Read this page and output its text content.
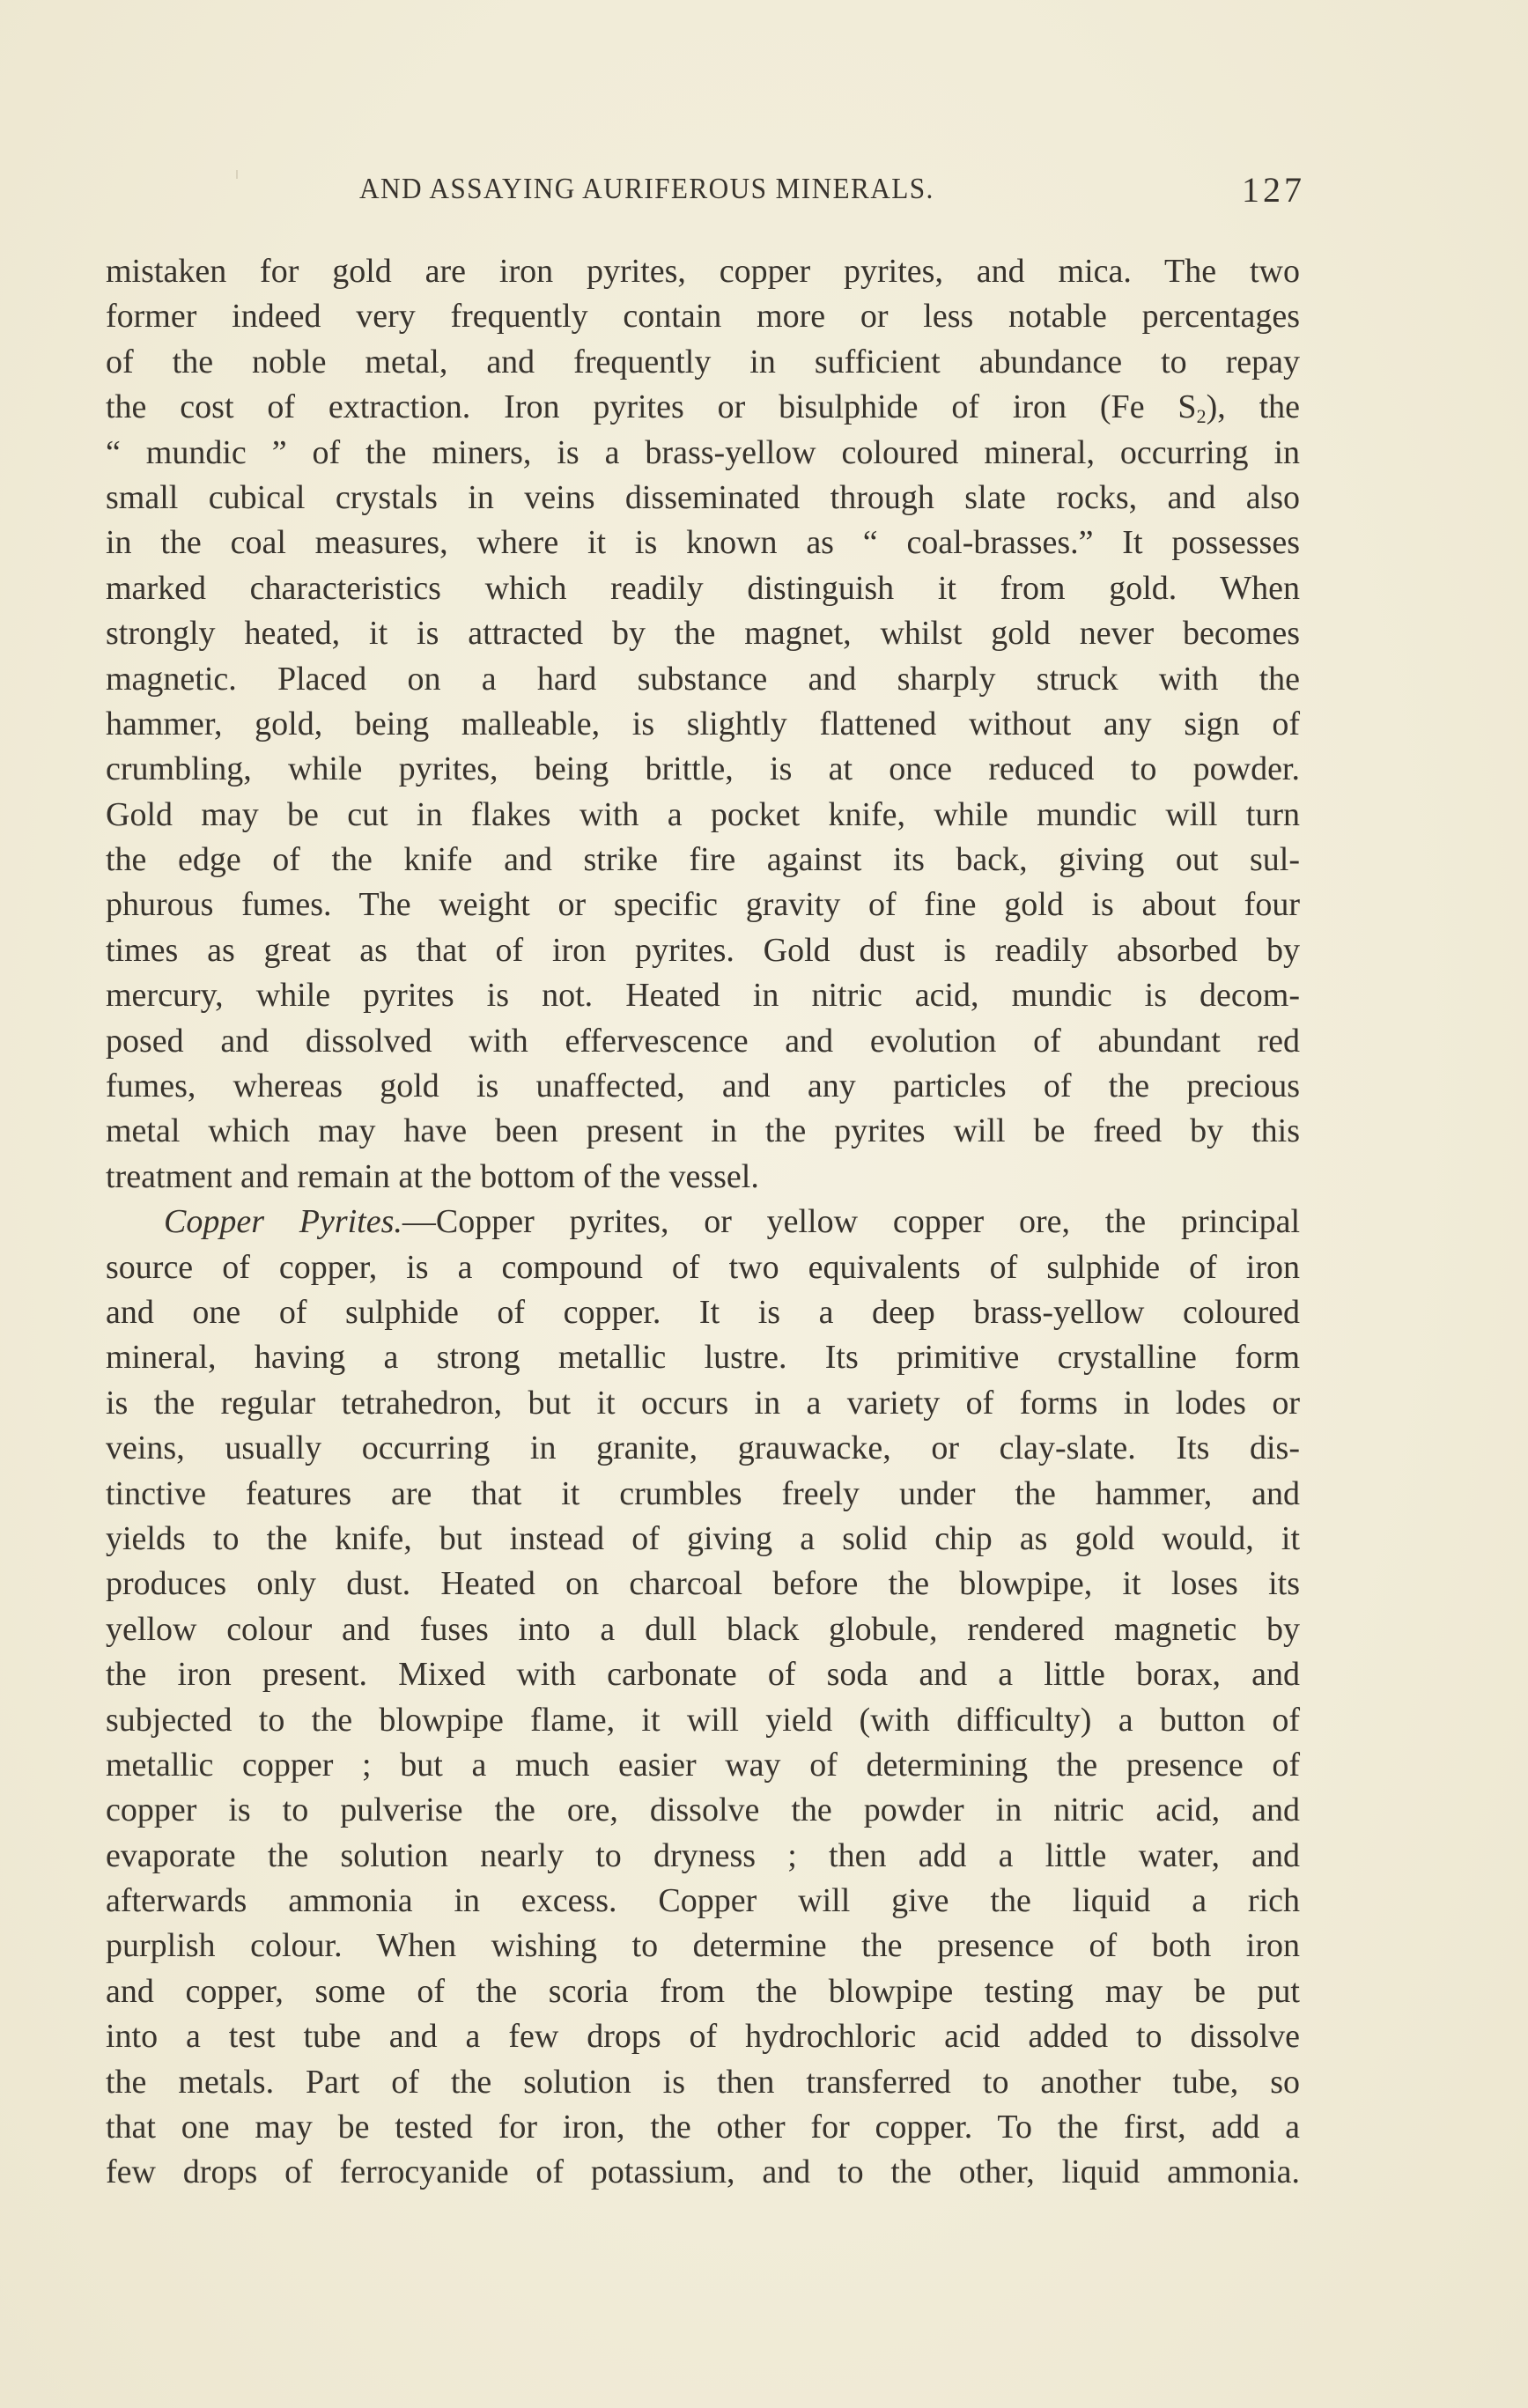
AND ASSAYING AURIFEROUS MINERALS.	127
mistaken for gold are iron pyrites, copper pyrites, and mica. The two
former indeed very frequently contain more or less notable percentages
of the noble metal, and frequently in sufficient abundance to repay
the cost of extraction. Iron pyrites or bisulphide of iron (Fe $S_2$), the
“ mundic ” of the miners, is a brass-yellow coloured mineral, occurring in
small cubical crystals in veins disseminated through slate rocks, and also
in the coal measures, where it is known as “ coal-brasses.” It possesses
marked characteristics which readily distinguish it from gold. When
strongly heated, it is attracted by the magnet, whilst gold never becomes
magnetic. Placed on a hard substance and sharply struck with the
hammer, gold, being malleable, is slightly flattened without any sign of
crumbling, while pyrites, being brittle, is at once reduced to powder.
Gold may be cut in flakes with a pocket knife, while mundic will turn
the edge of the knife and strike fire against its back, giving out sul-
phurous fumes. The weight or specific gravity of fine gold is about four
times as great as that of iron pyrites. Gold dust is readily absorbed by
mercury, while pyrites is not. Heated in nitric acid, mundic is decom-
posed and dissolved with effervescence and evolution of abundant red
fumes, whereas gold is unaffected, and any particles of the precious
metal which may have been present in the pyrites will be freed by this
treatment and remain at the bottom of the vessel.
Copper Pyrites.—Copper pyrites, or yellow copper ore, the principal
source of copper, is a compound of two equivalents of sulphide of iron
and one of sulphide of copper. It is a deep brass-yellow coloured
mineral, having a strong metallic lustre. Its primitive crystalline form
is the regular tetrahedron, but it occurs in a variety of forms in lodes or
veins, usually occurring in granite, grauwacke, or clay-slate. Its dis-
tinctive features are that it crumbles freely under the hammer, and
yields to the knife, but instead of giving a solid chip as gold would, it
produces only dust. Heated on charcoal before the blowpipe, it loses its
yellow colour and fuses into a dull black globule, rendered magnetic by
the iron present. Mixed with carbonate of soda and a little borax, and
subjected to the blowpipe flame, it will yield (with difficulty) a button of
metallic copper ; but a much easier way of determining the presence of
copper is to pulverise the ore, dissolve the powder in nitric acid, and
evaporate the solution nearly to dryness ; then add a little water, and
afterwards ammonia in excess. Copper will give the liquid a rich
purplish colour. When wishing to determine the presence of both iron
and copper, some of the scoria from the blowpipe testing may be put
into a test tube and a few drops of hydrochloric acid added to dissolve
the metals. Part of the solution is then transferred to another tube, so
that one may be tested for iron, the other for copper. To the first, add a
few drops of ferrocyanide of potassium, and to the other, liquid ammonia.
